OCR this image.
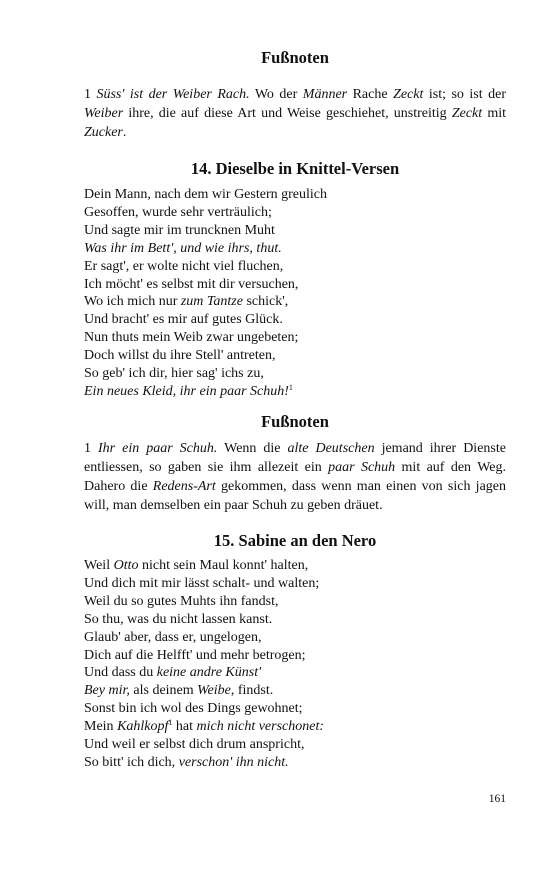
Fußnoten

1 Süss' ist der Weiber Rach. Wo der Männer Rache Zeckt ist; so ist der Weiber ihre, die auf diese Art und Weise geschiehet, unstreitig Zeckt mit Zucker.

14. Dieselbe in Knittel-Versen
Dein Mann, nach dem wir Gestern greulich
Gesoffen, wurde sehr verträulich;
Und sagte mir im truncknen Muht
Was ihr im Bett', und wie ihrs, thut.
Er sagt', er wolte nicht viel fluchen,
Ich möcht' es selbst mit dir versuchen,
Wo ich mich nur zum Tantze schick',
Und bracht' es mir auf gutes Glück.
Nun thuts mein Weib zwar ungebeten;
Doch willst du ihre Stell' antreten,
So geb' ich dir, hier sag' ichs zu,
Ein neues Kleid, ihr ein paar Schuh!$^1$
Fußnoten

1 Ihr ein paar Schuh. Wenn die alte Deutschen jemand ihrer Dienste entliessen, so gaben sie ihm allezeit ein paar Schuh mit auf den Weg. Dahero die Redens-Art gekommen, dass wenn man einen von sich jagen will, man demselben ein paar Schuh zu geben dräuet.

15. Sabine an den Nero
Weil Otto nicht sein Maul konnt' halten,
Und dich mit mir lässt schalt- und walten;
Weil du so gutes Muhts ihn fandst,
So thu, was du nicht lassen kanst.
Glaub' aber, dass er, ungelogen,
Dich auf die Helfft' und mehr betrogen;
Und dass du keine andre Künst'
Bey mir, als deinem Weibe, findst.
Sonst bin ich wol des Dings gewohnet;
Mein Kahlkopf$^1$ hat mich nicht verschonet:
Und weil er selbst dich drum anspricht,
So bitt' ich dich, verschon' ihn nicht.
161
